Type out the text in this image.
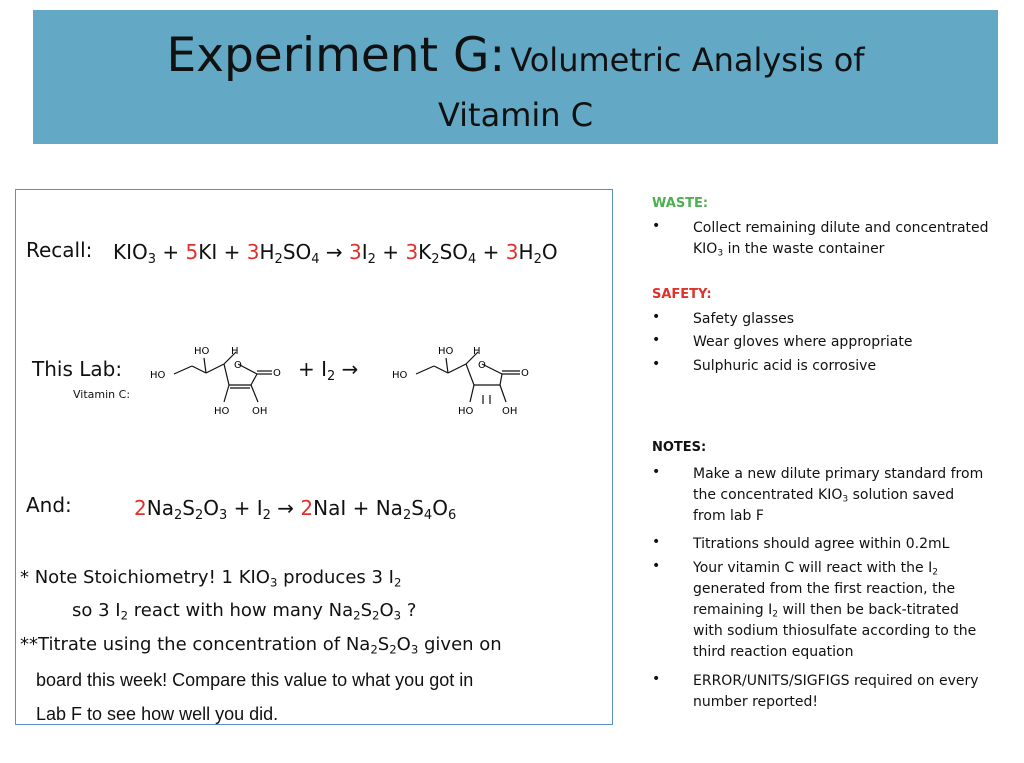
Experiment G: Volumetric Analysis of
Vitamin C
Recall: $KIO_3 + 5KI + 3H_2SO_4 \to 3I_2 + 3K_2SO_4 + 3H_2O$
This Lab:
Vitamin C:
HO
HO H
O
O
HO OH
+ $I_2$ →	HO
HO H
O
O
HO	OH
And:	$2Na_2S_2O_3 + I_2 \to 2NaI + Na_2S_4O_6$
* Note Stoichiometry! 1 $KIO_3$ produces 3 $I_2$
so 3 $I_2$ react with how many $Na_2S_2O_3$ ?
**Titrate using the concentration of $Na_2S_2O_3$ given on
board this week! Compare this value to what you got in
Lab F to see how well you did.
WASTE:
• Collect remaining dilute and concentrated
$KIO_3$ in the waste container
SAFETY:
• Safety glasses
• Wear gloves where appropriate
• Sulphuric acid is corrosive
NOTES:
• Make a new dilute primary standard from
the concentrated $KIO_3$ solution saved
from lab F
• Titrations should agree within 0.2mL
• Your vitamin C will react with the $I_2$
generated from the first reaction, the
remaining $I_2$ will then be back-titrated
with sodium thiosulfate according to the
third reaction equation
• ERROR/UNITS/SIGFIGS required on every
number reported!
